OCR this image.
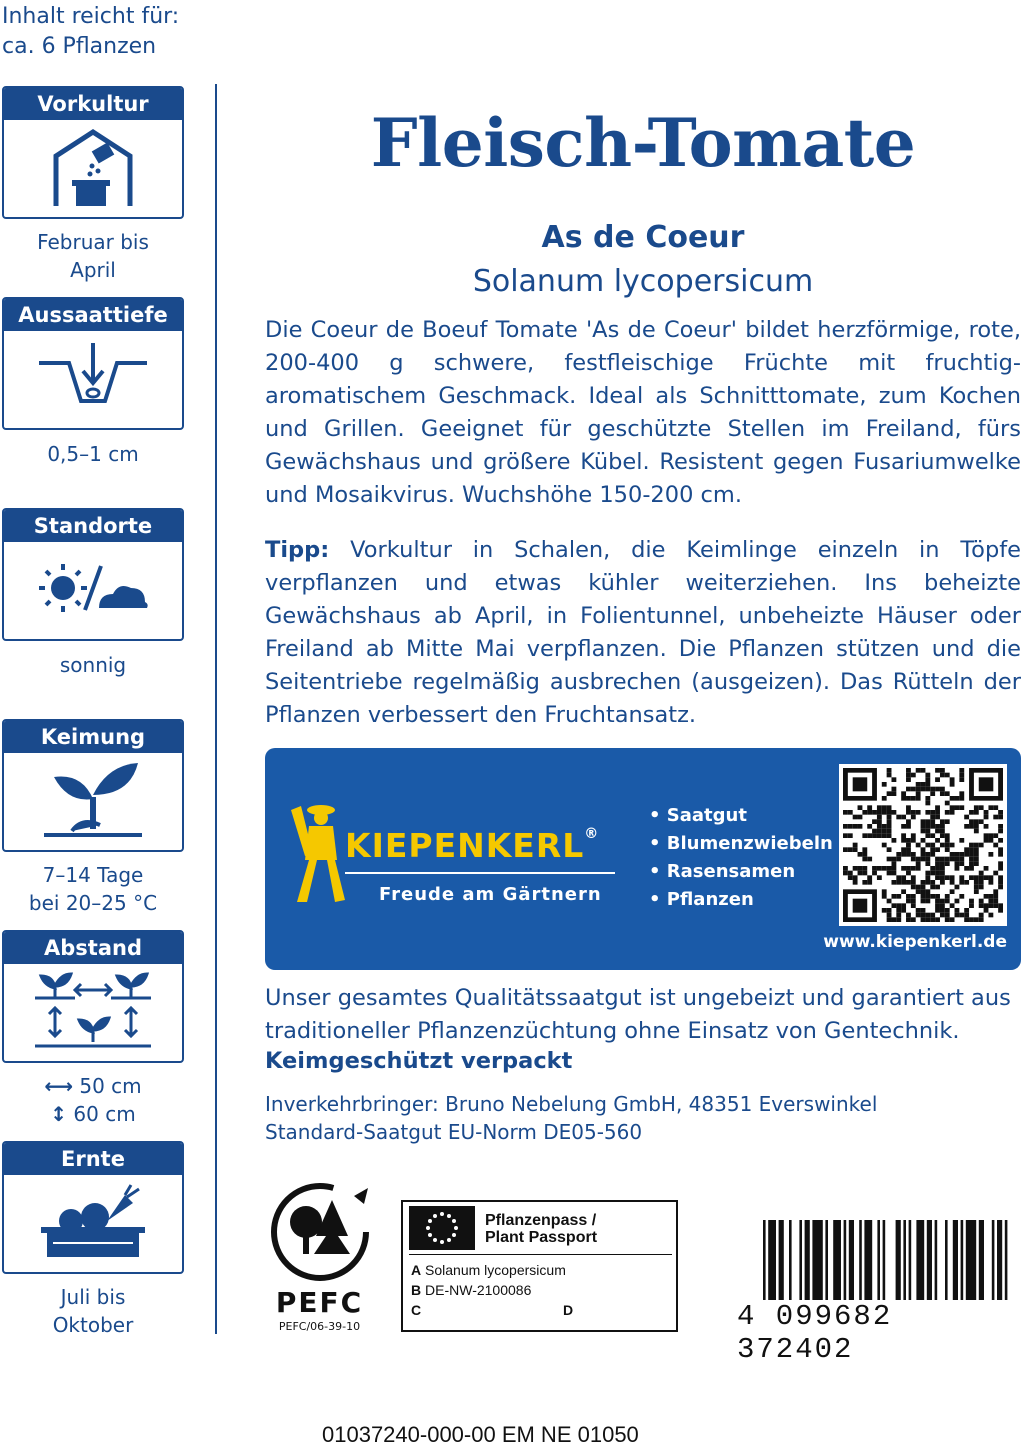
Inhalt reicht für:
ca. 6 Pflanzen
Vorkultur
Februar bis
April
Aussaattiefe
0,5–1 cm
Standorte
sonnig
Keimung
7–14 Tage
bei 20–25 °C
Abstand
⟷ 50 cm
↕ 60 cm
Ernte
Juli bis
Oktober
Fleisch-Tomate
As de Coeur
Solanum lycopersicum
Die Coeur de Boeuf Tomate 'As de Coeur' bildet herzförmige, rote, 200-400 g schwere, festfleischige Früchte mit fruchtig-aromatischem Geschmack. Ideal als Schnitttomate, zum Kochen und Grillen. Geeignet für geschützte Stellen im Freiland, fürs Gewächshaus und größere Kübel. Resistent gegen Fusariumwelke und Mosaikvirus. Wuchshöhe 150-200 cm.
Tipp: Vorkultur in Schalen, die Keimlinge einzeln in Töpfe verpflanzen und etwas kühler weiterziehen. Ins beheizte Gewächshaus ab April, in Folientunnel, unbeheizte Häuser oder Freiland ab Mitte Mai verpflanzen. Die Pflanzen stützen und die Seitentriebe regelmäßig ausbrechen (ausgeizen). Das Rütteln der Pflanzen verbessert den Fruchtansatz.
KIEPENKERL®
Freude am Gärtnern
• Saatgut
• Blumenzwiebeln
• Rasensamen
• Pflanzen
www.kiepenkerl.de
Unser gesamtes Qualitätssaatgut ist ungebeizt und garantiert aus traditioneller Pflanzenzüchtung ohne Einsatz von Gentechnik.
Keimgeschützt verpackt
Inverkehrbringer: Bruno Nebelung GmbH, 48351 Everswinkel
Standard-Saatgut EU-Norm DE05-560
PEFC
PEFC/06-39-10
Pflanzenpass /
Plant Passport
A Solanum lycopersicum
B DE-NW-2100086
C	D	4 099682 372402
01037240-000-00 EM NE 01050
